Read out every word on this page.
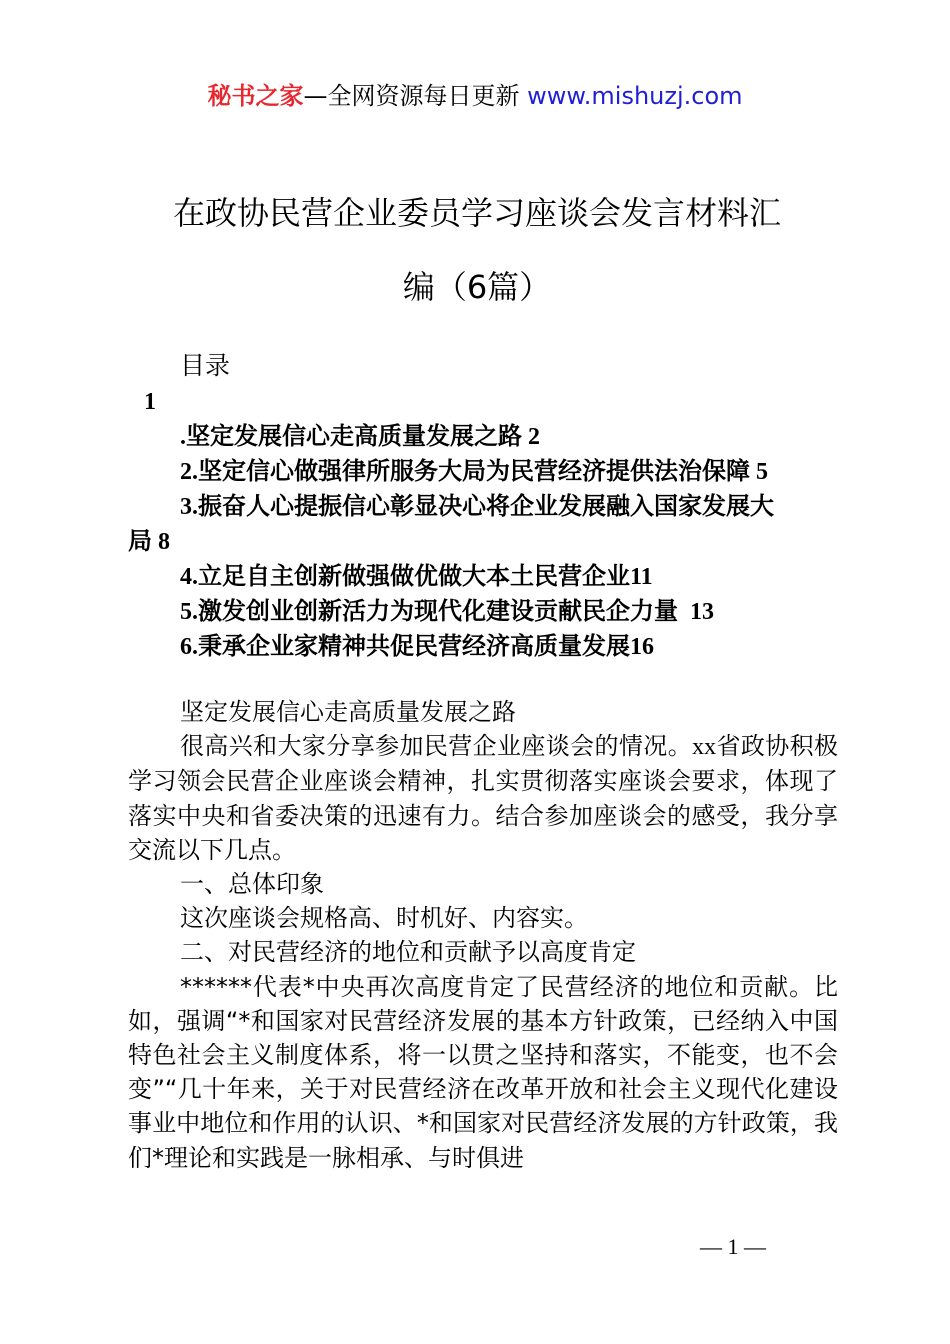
秘书之家—全网资源每日更新 www.mishuzj.com
在政协民营企业委员学习座谈会发言材料汇
编（6篇）
目录
1
.坚定发展信心走高质量发展之路 2
2.坚定信心做强律所服务大局为民营经济提供法治保障 5
3.振奋人心提振信心彰显决心将企业发展融入国家发展大
局 8
4.立足自主创新做强做优做大本土民营企业11
5.激发创业创新活力为现代化建设贡献民企力量  13
6.秉承企业家精神共促民营经济高质量发展16

坚定发展信心走高质量发展之路

很高兴和大家分享参加民营企业座谈会的情况。xx省政协积极学习领会民营企业座谈会精神，扎实贯彻落实座谈会要求，体现了落实中央和省委决策的迅速有力。结合参加座谈会的感受，我分享交流以下几点。

一、总体印象

这次座谈会规格高、时机好、内容实。

二、对民营经济的地位和贡献予以高度肯定

******代表*中央再次高度肯定了民营经济的地位和贡献。比如，强调“*和国家对民营经济发展的基本方针政策，已经纳入中国特色社会主义制度体系，将一以贯之坚持和落实，不能变，也不会变”“几十年来，关于对民营经济在改革开放和社会主义现代化建设事业中地位和作用的认识、*和国家对民营经济发展的方针政策，我们*理论和实践是一脉相承、与时俱进

— 1 —
